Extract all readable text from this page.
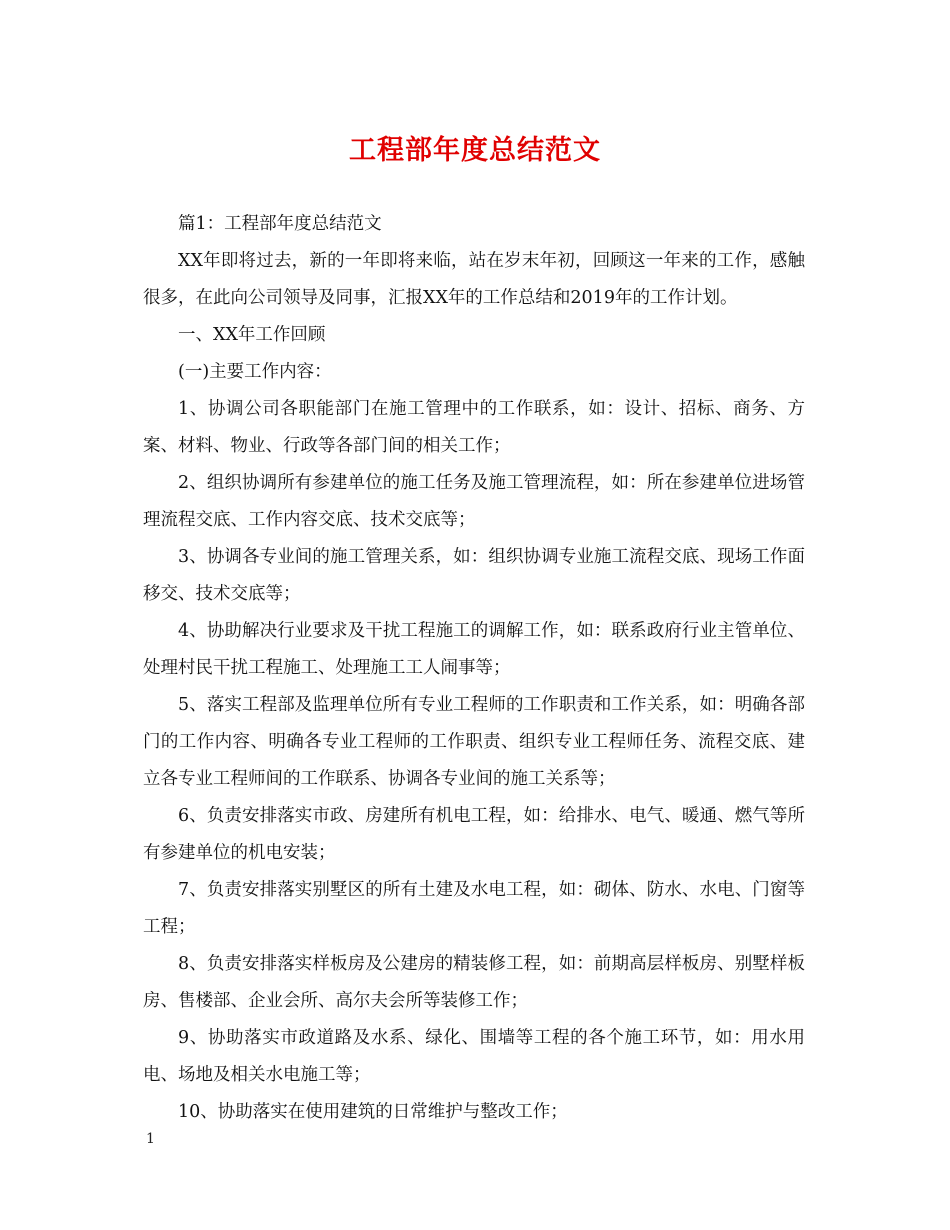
工程部年度总结范文

篇1：工程部年度总结范文

XX年即将过去，新的一年即将来临，站在岁末年初，回顾这一年来的工作，感触很多，在此向公司领导及同事，汇报XX年的工作总结和2019年的工作计划。

一、XX年工作回顾

(一)主要工作内容：

1、协调公司各职能部门在施工管理中的工作联系，如：设计、招标、商务、方案、材料、物业、行政等各部门间的相关工作；

2、组织协调所有参建单位的施工任务及施工管理流程，如：所在参建单位进场管理流程交底、工作内容交底、技术交底等；

3、协调各专业间的施工管理关系，如：组织协调专业施工流程交底、现场工作面移交、技术交底等；

4、协助解决行业要求及干扰工程施工的调解工作，如：联系政府行业主管单位、处理村民干扰工程施工、处理施工工人闹事等；

5、落实工程部及监理单位所有专业工程师的工作职责和工作关系，如：明确各部门的工作内容、明确各专业工程师的工作职责、组织专业工程师任务、流程交底、建立各专业工程师间的工作联系、协调各专业间的施工关系等；

6、负责安排落实市政、房建所有机电工程，如：给排水、电气、暖通、燃气等所有参建单位的机电安装；

7、负责安排落实别墅区的所有土建及水电工程，如：砌体、防水、水电、门窗等工程；

8、负责安排落实样板房及公建房的精装修工程，如：前期高层样板房、别墅样板房、售楼部、企业会所、高尔夫会所等装修工作；

9、协助落实市政道路及水系、绿化、围墙等工程的各个施工环节，如：用水用电、场地及相关水电施工等；

10、协助落实在使用建筑的日常维护与整改工作；

1
